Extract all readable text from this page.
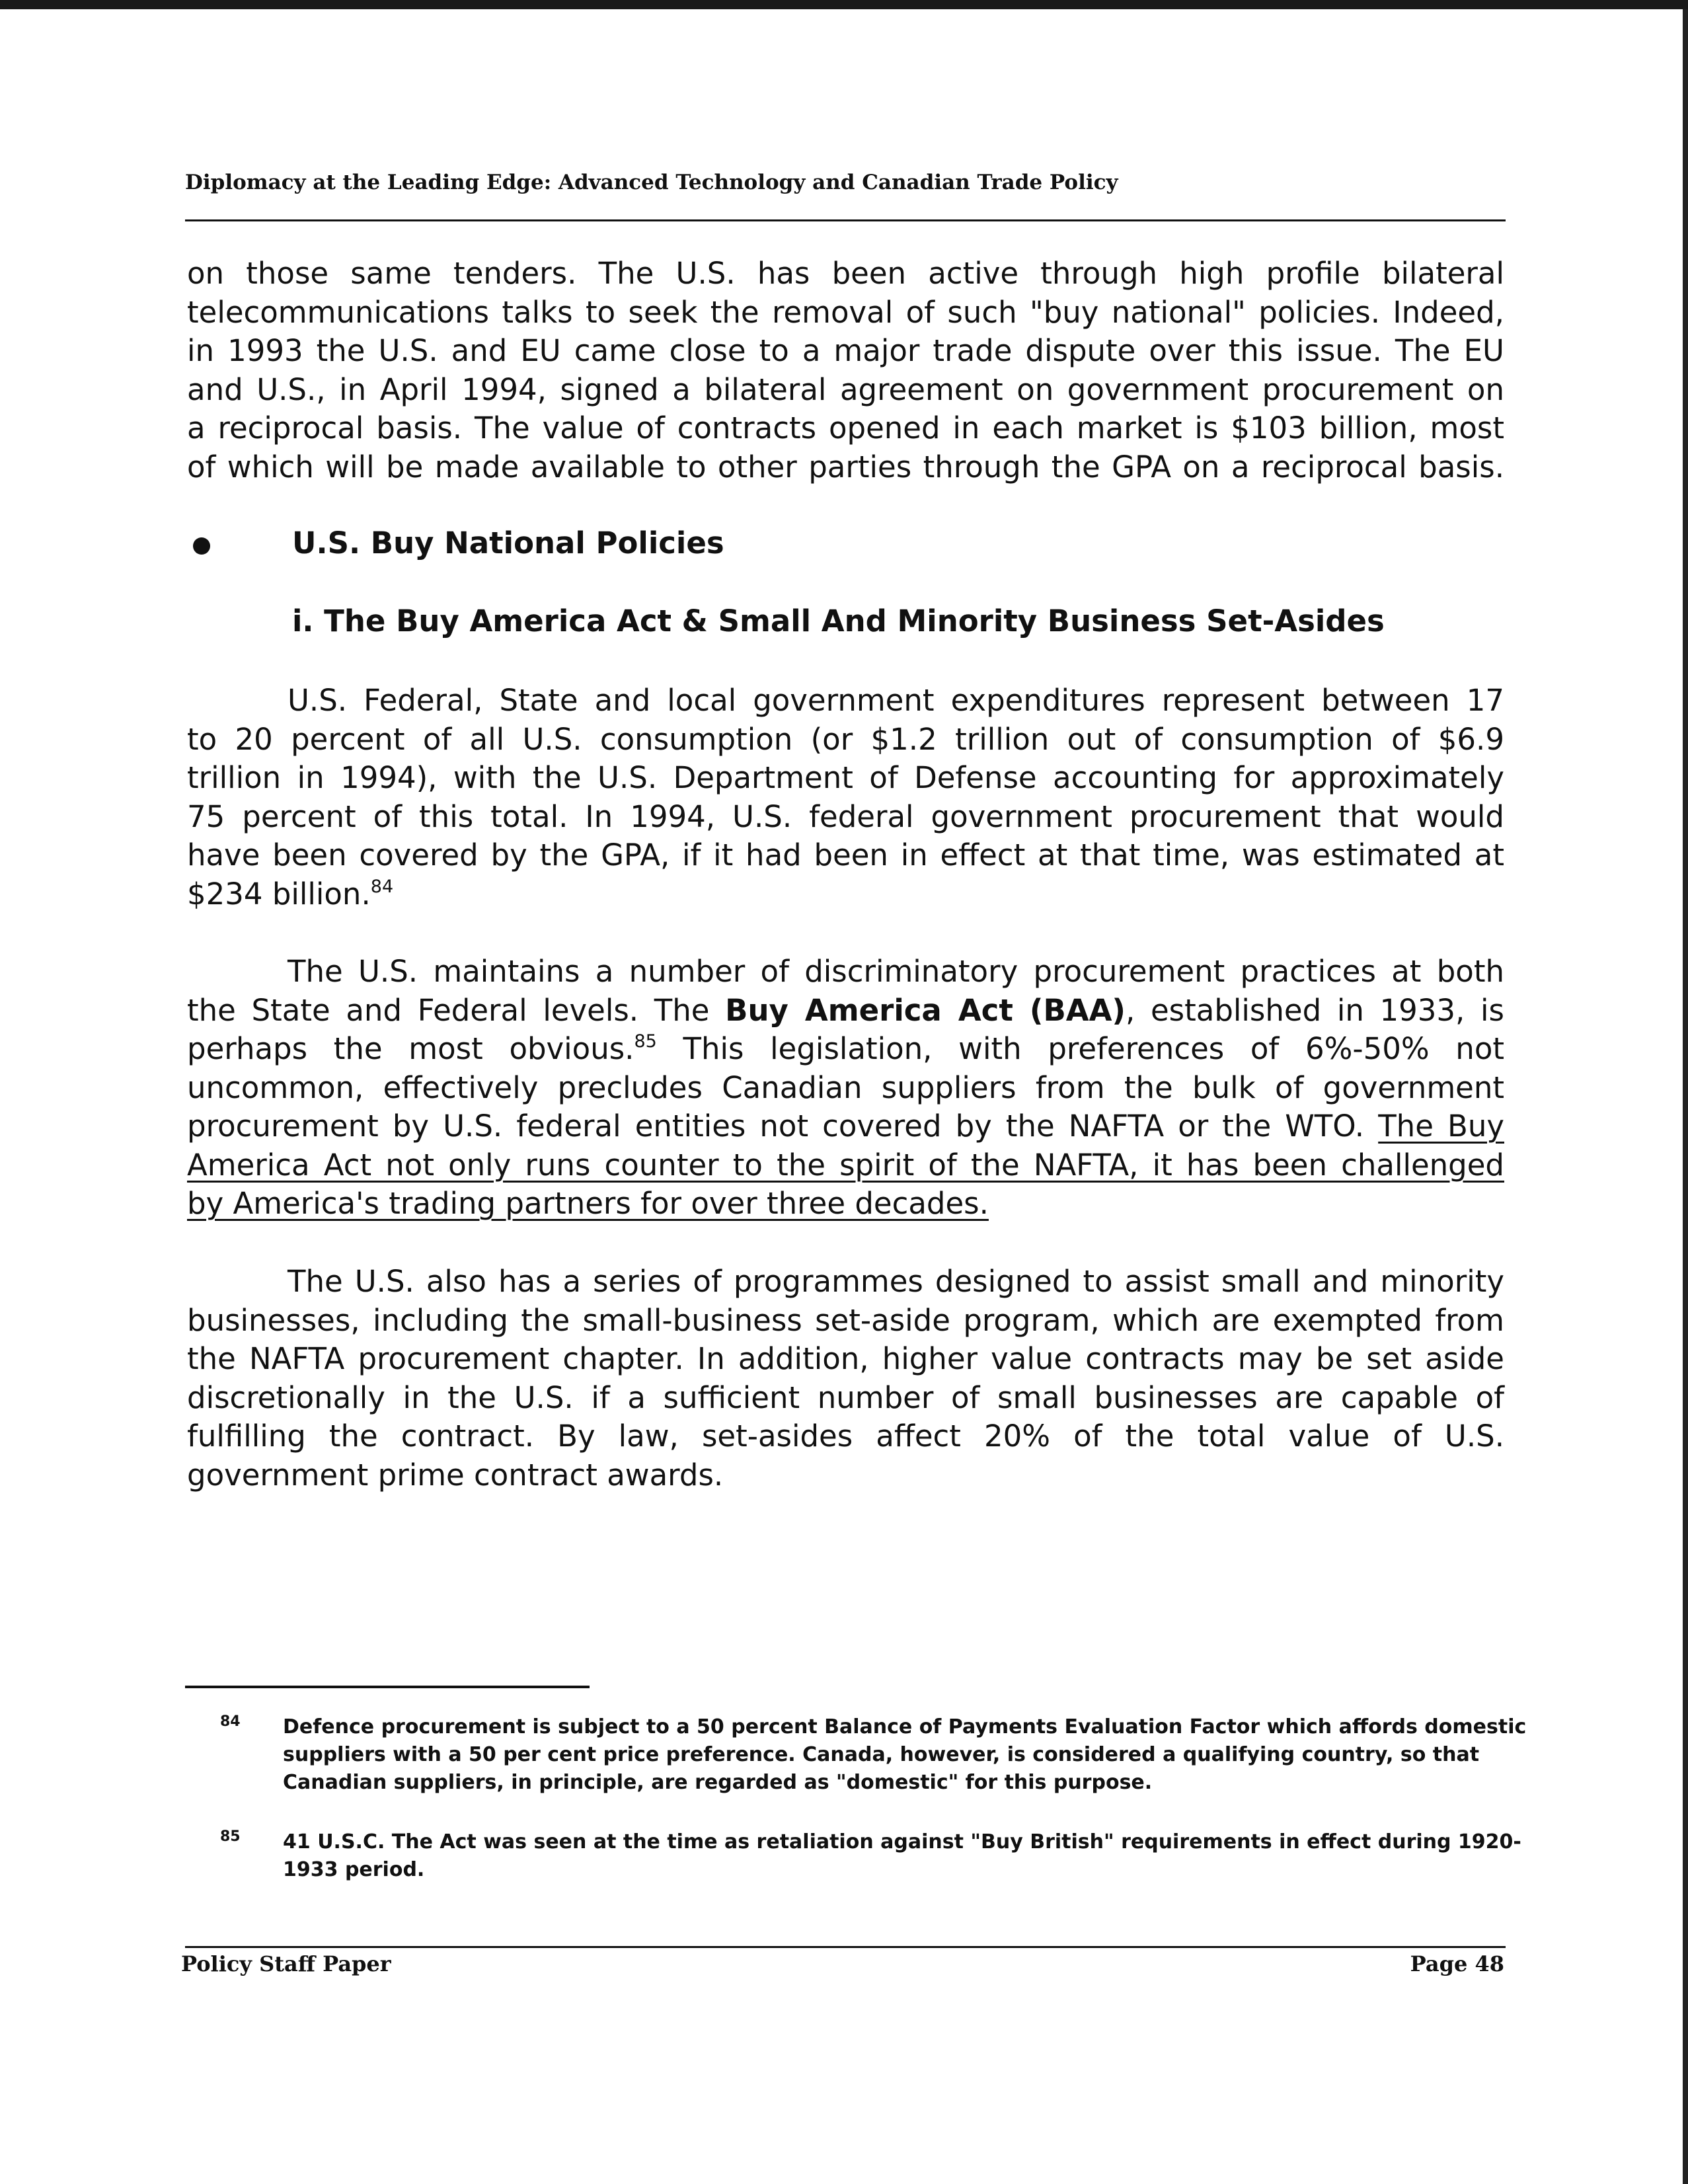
Diplomacy at the Leading Edge: Advanced Technology and Canadian Trade Policy
on those same tenders. The U.S. has been active through high profile bilateral
telecommunications talks to seek the removal of such "buy national" policies. Indeed,
in 1993 the U.S. and EU came close to a major trade dispute over this issue. The EU
and U.S., in April 1994, signed a bilateral agreement on government procurement on
a reciprocal basis. The value of contracts opened in each market is $103 billion, most
of which will be made available to other parties through the GPA on a reciprocal basis.
U.S. Buy National Policies
i. The Buy America Act & Small And Minority Business Set-Asides
U.S. Federal, State and local government expenditures represent between 17
to 20 percent of all U.S. consumption (or $1.2 trillion out of consumption of $6.9
trillion in 1994), with the U.S. Department of Defense accounting for approximately
75 percent of this total. In 1994, U.S. federal government procurement that would
have been covered by the GPA, if it had been in effect at that time, was estimated at
$234 billion.$^{84}$
The U.S. maintains a number of discriminatory procurement practices at both
the State and Federal levels. The Buy America Act (BAA), established in 1933, is
perhaps the most obvious.$^{85}$ This legislation, with preferences of 6%-50% not
uncommon, effectively precludes Canadian suppliers from the bulk of government
procurement by U.S. federal entities not covered by the NAFTA or the WTO. The Buy
America Act not only runs counter to the spirit of the NAFTA, it has been challenged
by America's trading partners for over three decades.
The U.S. also has a series of programmes designed to assist small and minority
businesses, including the small-business set-aside program, which are exempted from
the NAFTA procurement chapter. In addition, higher value contracts may be set aside
discretionally in the U.S. if a sufficient number of small businesses are capable of
fulfilling the contract. By law, set-asides affect 20% of the total value of U.S.
government prime contract awards.
84 Defence procurement is subject to a 50 percent Balance of Payments Evaluation Factor which affords domestic
suppliers with a 50 per cent price preference. Canada, however, is considered a qualifying country, so that
Canadian suppliers, in principle, are regarded as "domestic" for this purpose.
85 41 U.S.C. The Act was seen at the time as retaliation against "Buy British" requirements in effect during 1920-
1933 period.
Policy Staff Paper	Page 48
